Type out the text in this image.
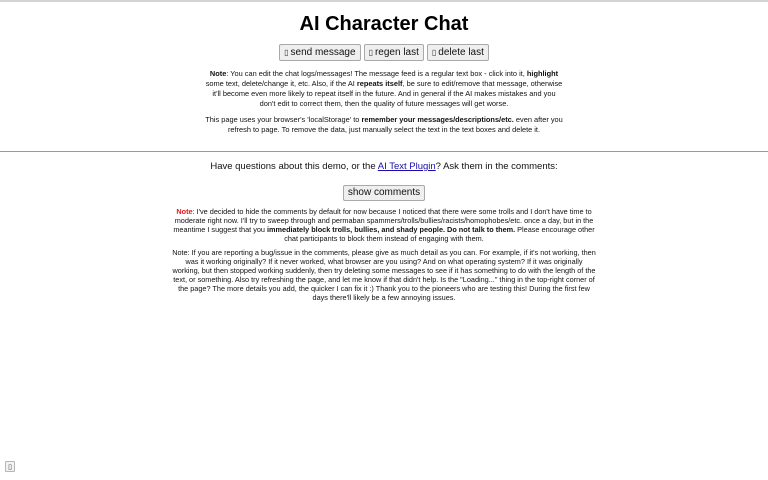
AI Character Chat
▯ send message ▯ regen last ▯ delete last

Note: You can edit the chat logs/messages! The message feed is a regular text box - click into it, highlight some text, delete/change it, etc. Also, if the AI repeats itself, be sure to edit/remove that message, otherwise it'll become even more likely to repeat itself in the future. And in general if the AI makes mistakes and you don't edit to correct them, then the quality of future messages will get worse.

This page uses your browser's 'localStorage' to remember your messages/descriptions/etc. even after you refresh to page. To remove the data, just manually select the text in the text boxes and delete it.

Have questions about this demo, or the AI Text Plugin? Ask them in the comments:
show comments

Note: I've decided to hide the comments by default for now because I noticed that there were some trolls and I don't have time to moderate right now. I'll try to sweep through and permaban spammers/trolls/bullies/racists/homophobes/etc. once a day, but in the meantime I suggest that you immediately block trolls, bullies, and shady people. Do not talk to them. Please encourage other chat participants to block them instead of engaging with them.

Note: If you are reporting a bug/issue in the comments, please give as much detail as you can. For example, if it's not working, then was it working originally? If it never worked, what browser are you using? And on what operating system? If it was originally working, but then stopped working suddenly, then try deleting some messages to see if it has something to do with the length of the text, or something. Also try refreshing the page, and let me know if that didn't help. Is the "Loading..." thing in the top-right corner of the page? The more details you add, the quicker I can fix it :) Thank you to the pioneers who are testing this! During the first few days there'll likely be a few annoying issues.

▯
